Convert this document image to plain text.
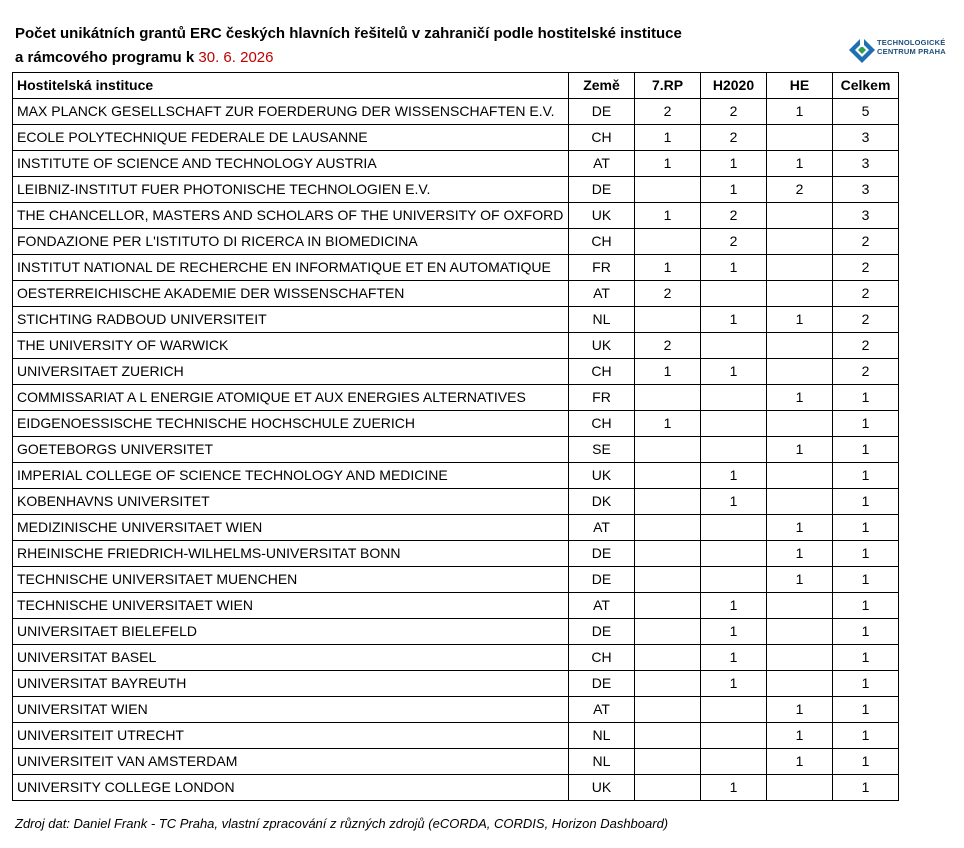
Počet unikátních grantů ERC českých hlavních řešitelů v zahraničí podle hostitelské instituce
a rámcového programu k 30. 6. 2026
TECHNOLOGICKÉ
CENTRUM PRAHA
Hostitelská instituce	Země	7.RP	H2020	HE	Celkem
MAX PLANCK GESELLSCHAFT ZUR FOERDERUNG DER WISSENSCHAFTEN E.V.	DE	2	2	1	5
ECOLE POLYTECHNIQUE FEDERALE DE LAUSANNE	CH	1	2		3
INSTITUTE OF SCIENCE AND TECHNOLOGY AUSTRIA	AT	1	1	1	3
LEIBNIZ-INSTITUT FUER PHOTONISCHE TECHNOLOGIEN E.V.	DE		1	2	3
THE CHANCELLOR, MASTERS AND SCHOLARS OF THE UNIVERSITY OF OXFORD	UK	1	2		3
FONDAZIONE PER L'ISTITUTO DI RICERCA IN BIOMEDICINA	CH		2		2
INSTITUT NATIONAL DE RECHERCHE EN INFORMATIQUE ET EN AUTOMATIQUE	FR	1	1		2
OESTERREICHISCHE AKADEMIE DER WISSENSCHAFTEN	AT	2			2
STICHTING RADBOUD UNIVERSITEIT	NL		1	1	2
THE UNIVERSITY OF WARWICK	UK	2			2
UNIVERSITAET ZUERICH	CH	1	1		2
COMMISSARIAT A L ENERGIE ATOMIQUE ET AUX ENERGIES ALTERNATIVES	FR			1	1
EIDGENOESSISCHE TECHNISCHE HOCHSCHULE ZUERICH	CH	1			1
GOETEBORGS UNIVERSITET	SE			1	1
IMPERIAL COLLEGE OF SCIENCE TECHNOLOGY AND MEDICINE	UK		1		1
KOBENHAVNS UNIVERSITET	DK		1		1
MEDIZINISCHE UNIVERSITAET WIEN	AT			1	1
RHEINISCHE FRIEDRICH-WILHELMS-UNIVERSITAT BONN	DE			1	1
TECHNISCHE UNIVERSITAET MUENCHEN	DE			1	1
TECHNISCHE UNIVERSITAET WIEN	AT		1		1
UNIVERSITAET BIELEFELD	DE		1		1
UNIVERSITAT BASEL	CH		1		1
UNIVERSITAT BAYREUTH	DE		1		1
UNIVERSITAT WIEN	AT			1	1
UNIVERSITEIT UTRECHT	NL			1	1
UNIVERSITEIT VAN AMSTERDAM	NL			1	1
UNIVERSITY COLLEGE LONDON	UK		1		1
Zdroj dat: Daniel Frank - TC Praha, vlastní zpracování z různých zdrojů (eCORDA, CORDIS, Horizon Dashboard)
